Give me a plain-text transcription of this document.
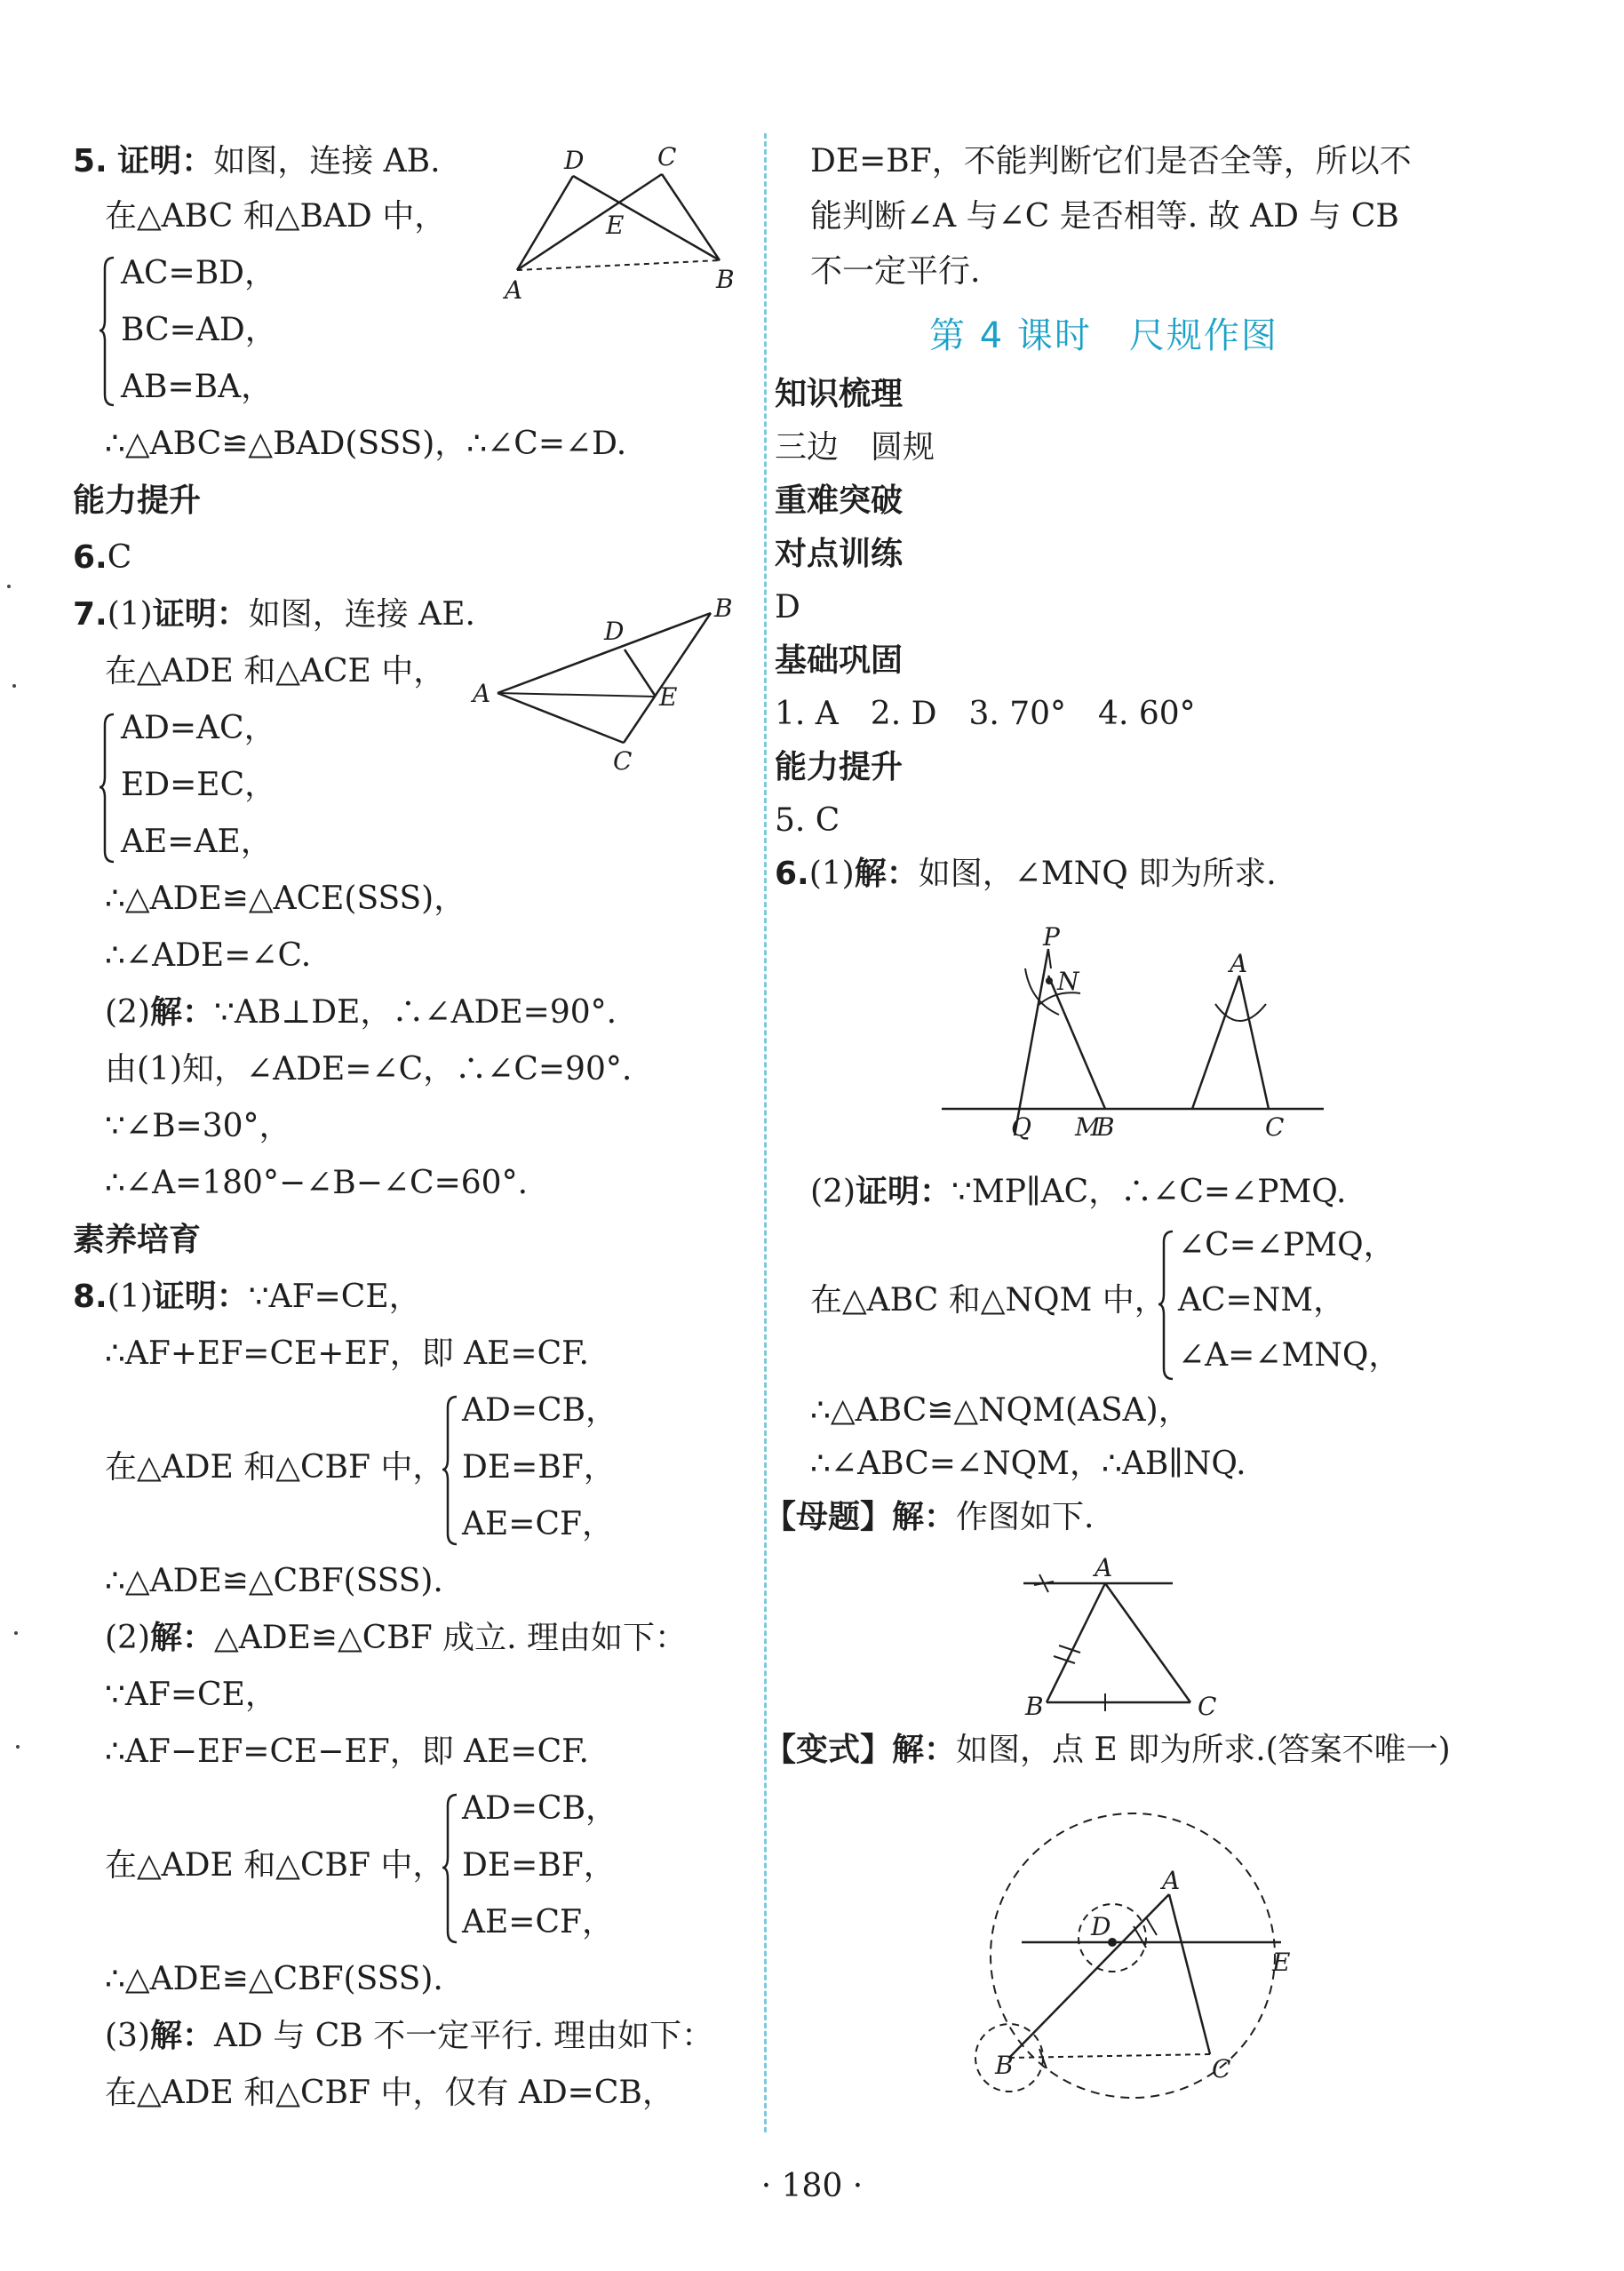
5. 证明：如图，连接 AB.
在△ABC 和△BAD 中，
AC=BD，
BC=AD，
AB=BA，
∴△ABC≌△BAD(SSS)，∴∠C=∠D.
D	C
E
A	B
能力提升
6.C
7.(1)证明：如图，连接 AE.
在△ADE 和△ACE 中，
AD=AC，
ED=EC，
AE=AE，
∴△ADE≌△ACE(SSS)，
∴∠ADE=∠C.
(2)解：∵AB⊥DE，∴∠ADE=90°.
由(1)知，∠ADE=∠C，∴∠C=90°.
∵∠B=30°，
∴∠A=180°−∠B−∠C=60°.
D
B
A	E
C
素养培育
8.(1)证明：∵AF=CE，
∴AF+EF=CE+EF，即 AE=CF.
在△ADE 和△CBF 中，
AD=CB，
DE=BF，
AE=CF，
∴△ADE≌△CBF(SSS).
(2)解：△ADE≌△CBF 成立. 理由如下：
∵AF=CE，
∴AF−EF=CE−EF，即 AE=CF.
在△ADE 和△CBF 中，
AD=CB，
DE=BF，
AE=CF，
∴△ADE≌△CBF(SSS).
(3)解：AD 与 CB 不一定平行. 理由如下：
在△ADE 和△CBF 中，仅有 AD=CB，
DE=BF，不能判断它们是否全等，所以不
能判断∠A 与∠C 是否相等. 故 AD 与 CB
不一定平行.
第 4 课时　尺规作图
知识梳理
三边　圆规
重难突破
对点训练
D
基础巩固
1. A　2. D　3. 70°　4. 60°
能力提升
5. C
6.(1)解：如图，∠MNQ 即为所求.
P
N
A
Q M
B	C
(2)证明：∵MP∥AC，∴∠C=∠PMQ.
在△ABC 和△NQM 中，
∠C=∠PMQ，
AC=NM，
∠A=∠MNQ，
∴△ABC≌△NQM(ASA)，
∴∠ABC=∠NQM，∴AB∥NQ.
【母题】解：作图如下.
A
B	C
【变式】解：如图，点 E 即为所求.(答案不唯一)
A
D
E
B	C
· 180 ·
